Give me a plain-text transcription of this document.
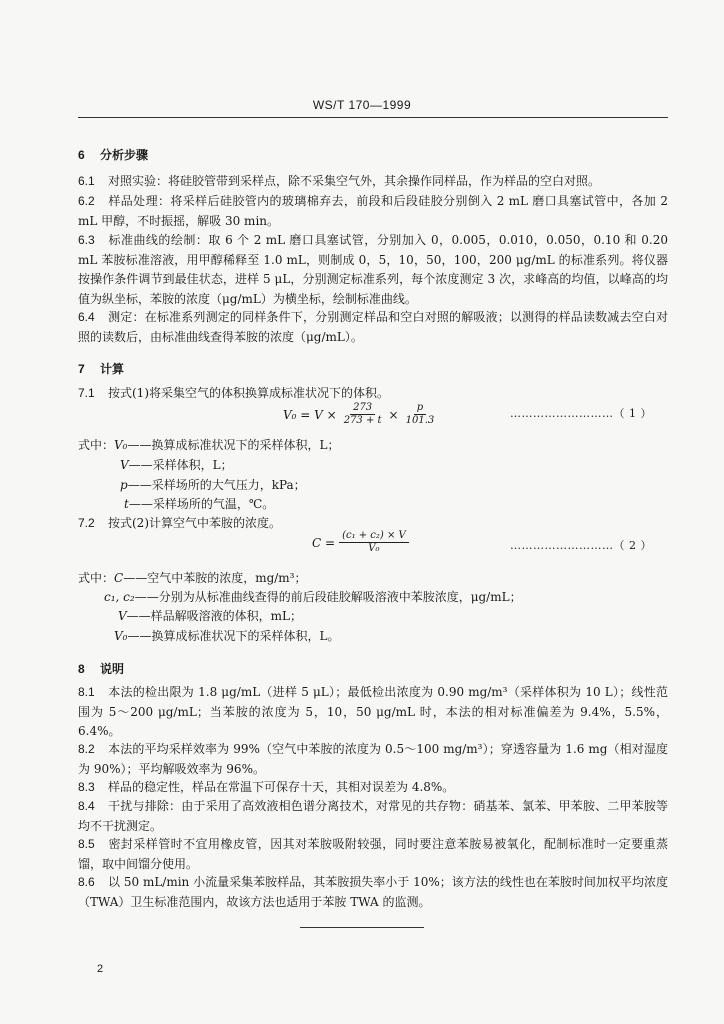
WS/T 170—1999
6 分析步骤
6.1 对照实验：将硅胶管带到采样点，除不采集空气外，其余操作同样品，作为样品的空白对照。
6.2 样品处理：将采样后硅胶管内的玻璃棉弃去，前段和后段硅胶分别倒入 2 mL 磨口具塞试管中，各加 2 mL 甲醇，不时振摇，解吸 30 min。
6.3 标准曲线的绘制：取 6 个 2 mL 磨口具塞试管，分别加入 0，0.005，0.010，0.050，0.10 和 0.20 mL 苯胺标准溶液，用甲醇稀释至 1.0 mL，则制成 0，5，10，50，100，200 μg/mL 的标准系列。将仪器按操作条件调节到最佳状态，进样 5 μL，分别测定标准系列，每个浓度测定 3 次，求峰高的均值，以峰高的均值为纵坐标，苯胺的浓度（μg/mL）为横坐标，绘制标准曲线。
6.4 测定：在标准系列测定的同样条件下，分别测定样品和空白对照的解吸液；以测得的样品读数减去空白对照的读数后，由标准曲线查得苯胺的浓度（μg/mL）。
7 计算
7.1 按式(1)将采集空气的体积换算成标准状况下的体积。
$V_0 = V \times \frac{273}{273 + t} \times \frac{p}{101.3}$	………………………（ 1 ）
式中：V₀——换算成标准状况下的采样体积，L；
V——采样体积，L；
p——采样场所的大气压力，kPa；
t——采样场所的气温，℃。
7.2 按式(2)计算空气中苯胺的浓度。
$C = \frac{\text{(c₁ + c₂) × V}}{\text{V₀}}$	………………………（ 2 ）
式中：C——空气中苯胺的浓度，mg/m³；
c₁, c₂——分别为从标准曲线查得的前后段硅胶解吸溶液中苯胺浓度，μg/mL；
V——样品解吸溶液的体积，mL；
V₀——换算成标准状况下的采样体积，L。
8 说明
8.1 本法的检出限为 1.8 μg/mL（进样 5 μL）；最低检出浓度为 0.90 mg/m³（采样体积为 10 L）；线性范围为 5～200 μg/mL；当苯胺的浓度为 5，10，50 μg/mL 时，本法的相对标准偏差为 9.4%，5.5%，6.4%。
8.2 本法的平均采样效率为 99%（空气中苯胺的浓度为 0.5～100 mg/m³）；穿透容量为 1.6 mg（相对湿度为 90%）；平均解吸效率为 96%。
8.3 样品的稳定性，样品在常温下可保存十天，其相对误差为 4.8%。
8.4 干扰与排除：由于采用了高效液相色谱分离技术，对常见的共存物：硝基苯、氯苯、甲苯胺、二甲苯胺等均不干扰测定。
8.5 密封采样管时不宜用橡皮管，因其对苯胺吸附较强，同时要注意苯胺易被氧化，配制标准时一定要重蒸馏，取中间馏分使用。
8.6 以 50 mL/min 小流量采集苯胺样品，其苯胺损失率小于 10%；该方法的线性也在苯胺时间加权平均浓度（TWA）卫生标准范围内，故该方法也适用于苯胺 TWA 的监测。
2
